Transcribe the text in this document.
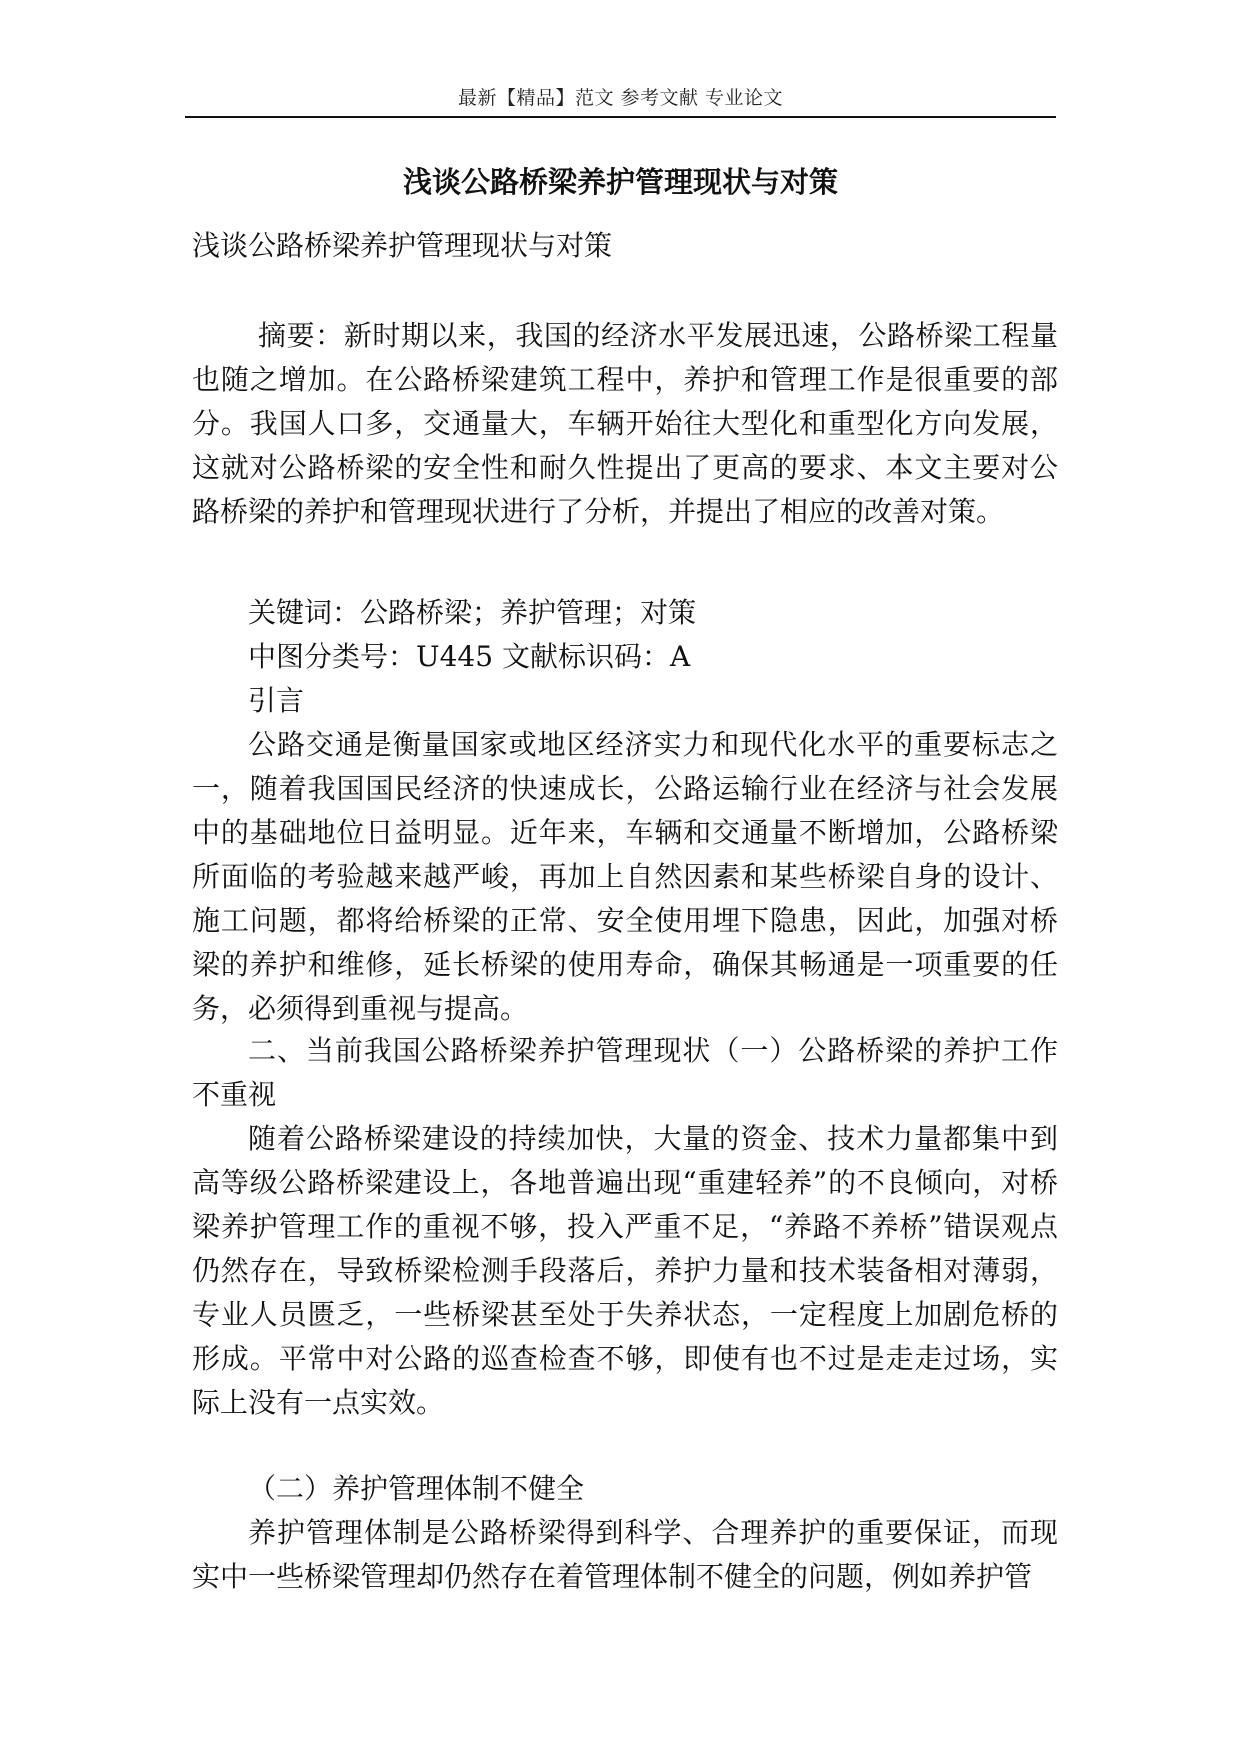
最新【精品】范文 参考文献 专业论文
浅谈公路桥梁养护管理现状与对策
浅谈公路桥梁养护管理现状与对策
摘要：新时期以来，我国的经济水平发展迅速，公路桥梁工程量也随之增加。在公路桥梁建筑工程中，养护和管理工作是很重要的部分。我国人口多，交通量大，车辆开始往大型化和重型化方向发展，这就对公路桥梁的安全性和耐久性提出了更高的要求、本文主要对公路桥梁的养护和管理现状进行了分析，并提出了相应的改善对策。
关键词：公路桥梁；养护管理；对策
中图分类号：U445 文献标识码：A
引言
公路交通是衡量国家或地区经济实力和现代化水平的重要标志之一，随着我国国民经济的快速成长，公路运输行业在经济与社会发展中的基础地位日益明显。近年来，车辆和交通量不断增加，公路桥梁所面临的考验越来越严峻，再加上自然因素和某些桥梁自身的设计、施工问题，都将给桥梁的正常、安全使用埋下隐患，因此，加强对桥梁的养护和维修，延长桥梁的使用寿命，确保其畅通是一项重要的任务，必须得到重视与提高。
二、当前我国公路桥梁养护管理现状（一）公路桥梁的养护工作不重视
随着公路桥梁建设的持续加快，大量的资金、技术力量都集中到高等级公路桥梁建设上，各地普遍出现“重建轻养”的不良倾向，对桥梁养护管理工作的重视不够，投入严重不足，“养路不养桥”错误观点仍然存在，导致桥梁检测手段落后，养护力量和技术装备相对薄弱，专业人员匮乏，一些桥梁甚至处于失养状态，一定程度上加剧危桥的形成。平常中对公路的巡查检查不够，即使有也不过是走走过场，实际上没有一点实效。
（二）养护管理体制不健全
养护管理体制是公路桥梁得到科学、合理养护的重要保证，而现实中一些桥梁管理却仍然存在着管理体制不健全的问题，例如养护管
